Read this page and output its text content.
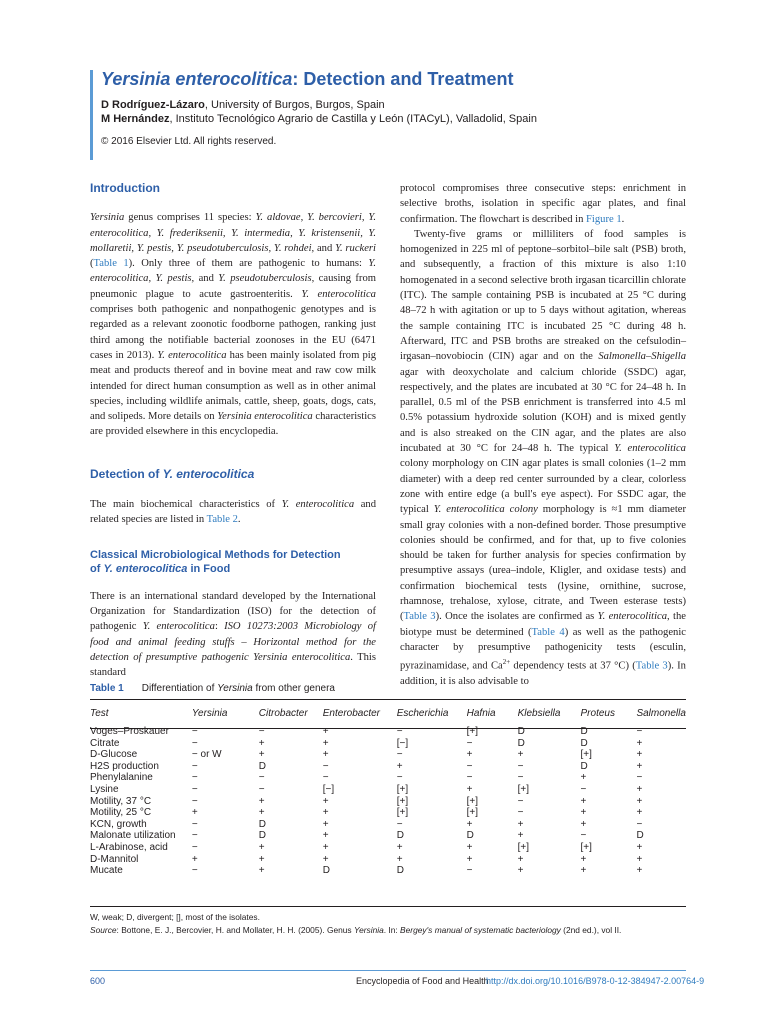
Yersinia enterocolitica: Detection and Treatment
D Rodríguez-Lázaro, University of Burgos, Burgos, Spain
M Hernández, Instituto Tecnológico Agrario de Castilla y León (ITACyL), Valladolid, Spain
© 2016 Elsevier Ltd. All rights reserved.

Introduction

Yersinia genus comprises 11 species: Y. aldovae, Y. bercovieri, Y. enterocolitica, Y. frederiksenii, Y. intermedia, Y. kristensenii, Y. mollaretii, Y. pestis, Y. pseudotuberculosis, Y. rohdei, and Y. ruckeri (Table 1). Only three of them are pathogenic to humans: Y. enterocolitica, Y. pestis, and Y. pseudotuberculosis, causing from pneumonic plague to acute gastroenteritis. Y. enterocolitica comprises both pathogenic and nonpathogenic genotypes and is regarded as a relevant zoonotic foodborne pathogen, ranking just third among the notifiable bacterial zoonoses in the EU (6471 cases in 2013). Y. enterocolitica has been mainly isolated from pig meat and products thereof and in bovine meat and raw cow milk intended for direct human consumption as well as in other animal species, including wildlife animals, cattle, sheep, goats, dogs, cats, and solipeds. More details on Yersinia enterocolitica characteristics are provided elsewhere in this encyclopedia.

Detection of Y. enterocolitica

The main biochemical characteristics of Y. enterocolitica and related species are listed in Table 2.

Classical Microbiological Methods for Detection
of Y. enterocolitica in Food

There is an international standard developed by the International Organization for Standardization (ISO) for the detection of pathogenic Y. enterocolitica: ISO 10273:2003 Microbiology of food and animal feeding stuffs – Horizontal method for the detection of presumptive pathogenic Yersinia enterocolitica. This standard

protocol compromises three consecutive steps: enrichment in selective broths, isolation in specific agar plates, and final confirmation. The flowchart is described in Figure 1.

Twenty-five grams or milliliters of food samples is homogenized in 225 ml of peptone–sorbitol–bile salt (PSB) broth, and subsequently, a fraction of this mixture is also 1:10 homogenated in a second selective broth irgasan ticarcillin chlorate (ITC). The sample containing PSB is incubated at 25 °C during 48–72 h with agitation or up to 5 days without agitation, whereas the sample containing ITC is incubated 25 °C during 48 h. Afterward, ITC and PSB broths are streaked on the cefsulodin–irgasan–novobiocin (CIN) agar and on the Salmonella–Shigella agar with deoxycholate and calcium chloride (SSDC) agar, respectively, and the plates are incubated at 30 °C for 24–48 h. In parallel, 0.5 ml of the PSB enrichment is transferred into 4.5 ml 0.5% potassium hydroxide solution (KOH) and is mixed gently and is also streaked on the CIN agar, and the plates are also incubated at 30 °C for 24–48 h. The typical Y. enterocolitica colony morphology on CIN agar plates is small colonies (1–2 mm diameter) with a deep red center surrounded by a clear, colorless zone with entire edge (a bull's eye aspect). For SSDC agar, the typical Y. enterocolitica colony morphology is ≈1 mm diameter small gray colonies with a non-defined border. Those presumptive colonies should be confirmed, and for that, up to five colonies should be taken for further analysis for species confirmation by presumptive assays (urea–indole, Kligler, and oxidase tests) and confirmation biochemical tests (lysine, ornithine, sucrose, rhamnose, trehalose, xylose, citrate, and Tween esterase tests) (Table 3). Once the isolates are confirmed as Y. enterocolitica, the biotype must be determined (Table 4) as well as the pathogenic character by presumptive pathogenicity tests (esculin, pyrazinamidase, and $Ca^{2+}$ dependency tests at 37 °C) (Table 3). In addition, it is also advisable to

Table 1 Differentiation of Yersinia from other genera
Test	Yersinia	Citrobacter	Enterobacter	Escherichia	Hafnia	Klebsiella	Proteus	Salmonella
Voges–Proskauer	−	−	+	−	[+]	D	D	−
Citrate	−	+	+	[−]	−	D	D	+
D-Glucose	− or W	+	+	−	+	+	[+]	+
H2S production	−	D	−	+	−	−	D	+
Phenylalanine	−	−	−	−	−	−	+	−
Lysine	−	−	[−]	[+]	+	[+]	−	+
Motility, 37 °C	−	+	+	[+]	[+]	−	+	+
Motility, 25 °C	+	+	+	[+]	[+]	−	+	+
KCN, growth	−	D	+	−	+	+	+	−
Malonate utilization	−	D	+	D	D	+	−	D
L-Arabinose, acid	−	+	+	+	+	[+]	[+]	+
D-Mannitol	+	+	+	+	+	+	+	+
Mucate	−	+	D	D	−	+	+	+
W, weak; D, divergent; [], most of the isolates.
Source: Bottone, E. J., Bercovier, H. and Mollater, H. H. (2005). Genus Yersinia. In: Bergey's manual of systematic bacteriology (2nd ed.), vol II.
600	Encyclopedia of Food and Health
http://dx.doi.org/10.1016/B978-0-12-384947-2.00764-9
